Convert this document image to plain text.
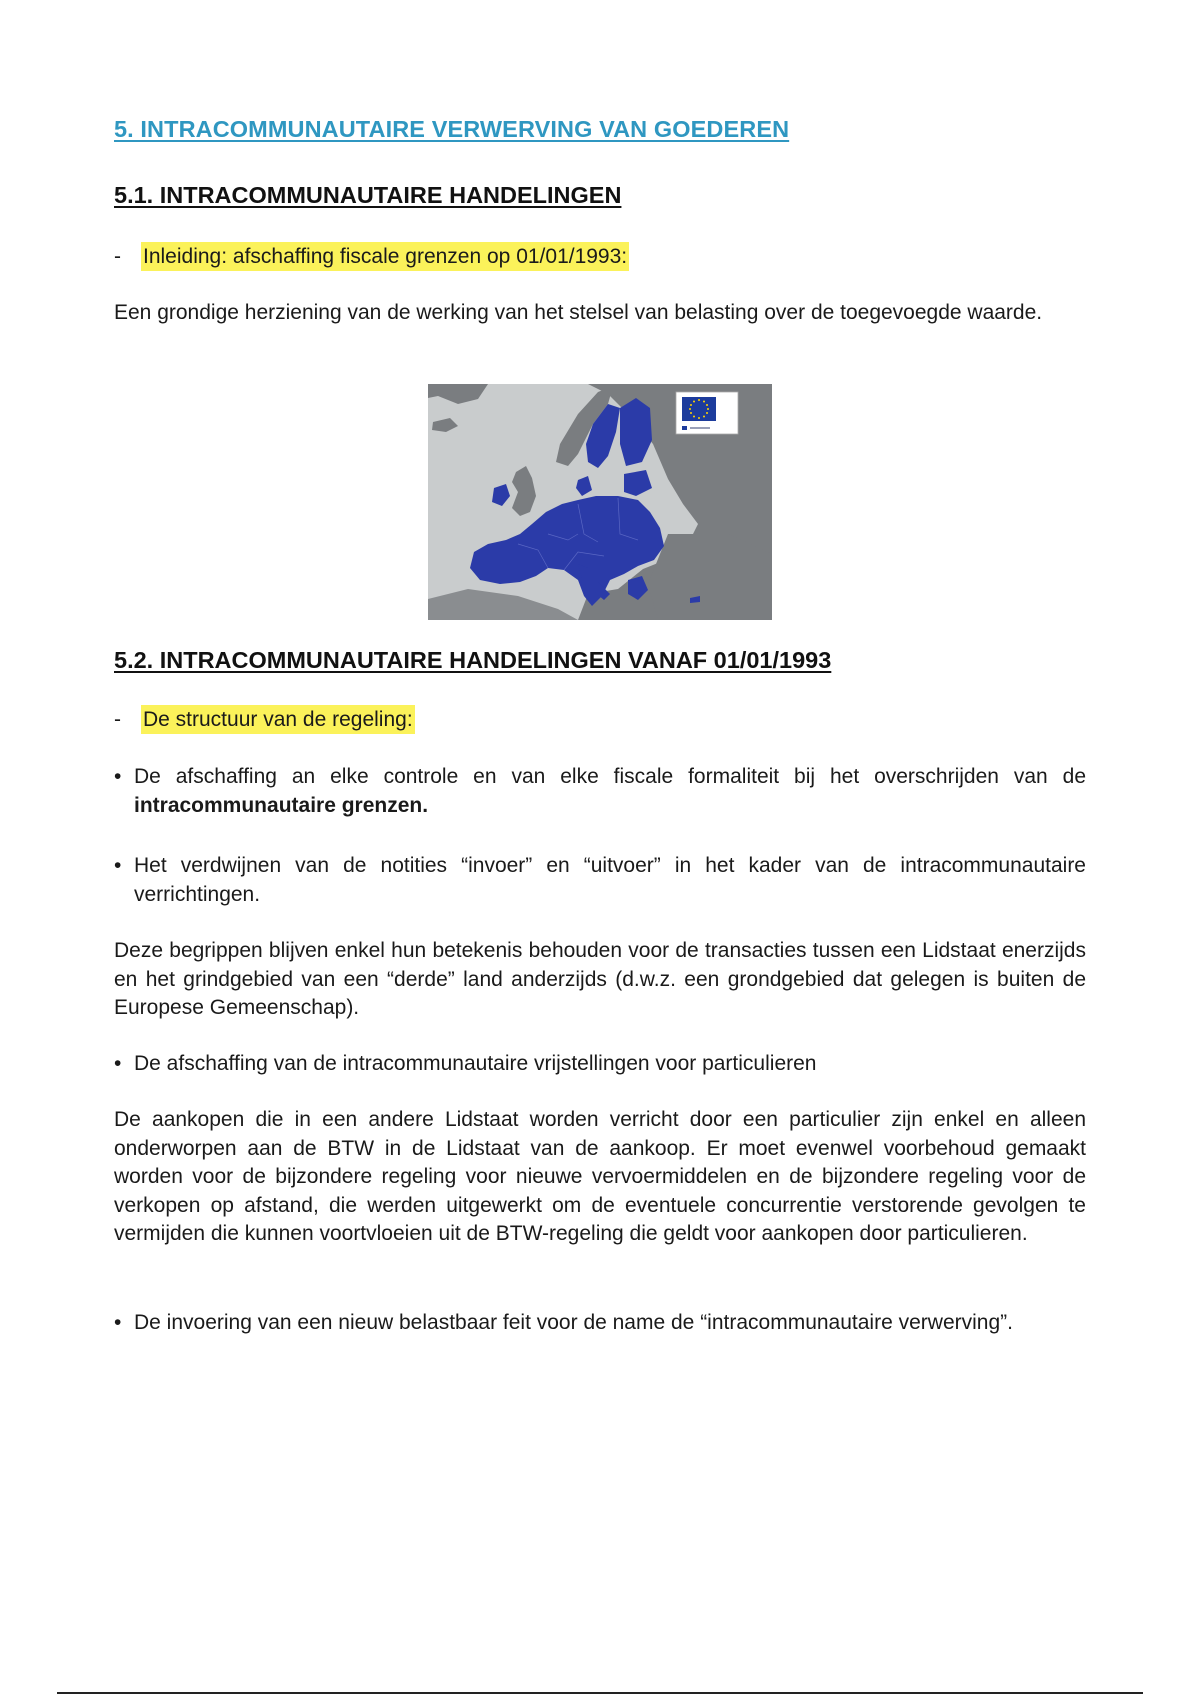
5. INTRACOMMUNAUTAIRE VERWERVING VAN GOEDEREN
5.1. INTRACOMMUNAUTAIRE HANDELINGEN
- Inleiding: afschaffing fiscale grenzen op 01/01/1993:
Een grondige herziening van de werking van het stelsel van belasting over de toegevoegde waarde.
5.2. INTRACOMMUNAUTAIRE HANDELINGEN VANAF 01/01/1993
- De structuur van de regeling:
• De afschaffing an elke controle en van elke fiscale formaliteit bij het overschrijden van de intracommunautaire grenzen.
• Het verdwijnen van de notities “invoer” en “uitvoer” in het kader van de intracommunautaire verrichtingen.
Deze begrippen blijven enkel hun betekenis behouden voor de transacties tussen een Lidstaat enerzijds en het grindgebied van een “derde” land anderzijds (d.w.z. een grondgebied dat gelegen is buiten de Europese Gemeenschap).
• De afschaffing van de intracommunautaire vrijstellingen voor particulieren
De aankopen die in een andere Lidstaat worden verricht door een particulier zijn enkel en alleen onderworpen aan de BTW in de Lidstaat van de aankoop. Er moet evenwel voorbehoud gemaakt worden voor de bijzondere regeling voor nieuwe vervoermiddelen en de bijzondere regeling voor de verkopen op afstand, die werden uitgewerkt om de eventuele concurrentie verstorende gevolgen te vermijden die kunnen voortvloeien uit de BTW-regeling die geldt voor aankopen door particulieren.
• De invoering van een nieuw belastbaar feit voor de name de “intracommunautaire verwerving”.
